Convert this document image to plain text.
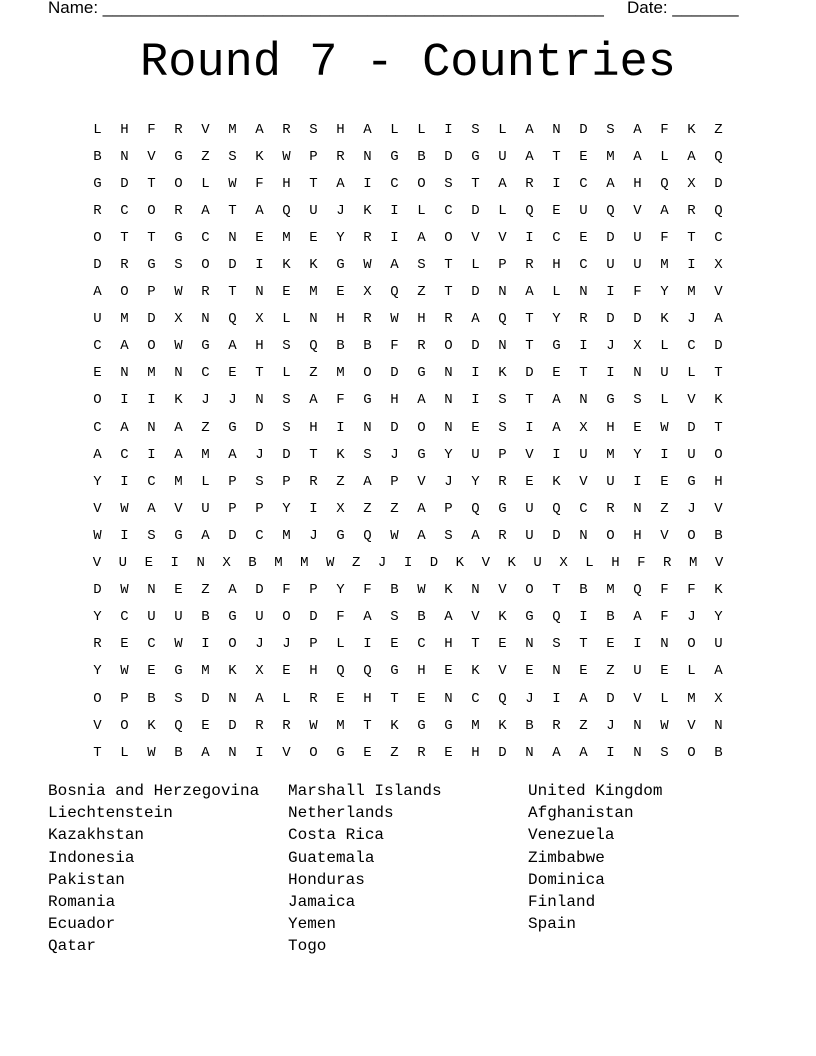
Name: _____________________________________________________ Date: _______
Round 7 - Countries
L	H	F	R	V	M	A	R	S	H	A	L	L	I	S	L	A	N	D	S	A	F	K	Z
B	N	V	G	Z	S	K	W	P	R	N	G	B	D	G	U	A	T	E	M	A	L	A	Q
G	D	T	O	L	W	F	H	T	A	I	C	O	S	T	A	R	I	C	A	H	Q	X	D
R	C	O	R	A	T	A	Q	U	J	K	I	L	C	D	L	Q	E	U	Q	V	A	R	Q
O	T	T	G	C	N	E	M	E	Y	R	I	A	O	V	V	I	C	E	D	U	F	T	C
D	R	G	S	O	D	I	K	K	G	W	A	S	T	L	P	R	H	C	U	U	M	I	X
A	O	P	W	R	T	N	E	M	E	X	Q	Z	T	D	N	A	L	N	I	F	Y	M	V
U	M	D	X	N	Q	X	L	N	H	R	W	H	R	A	Q	T	Y	R	D	D	K	J	A
C	A	O	W	G	A	H	S	Q	B	B	F	R	O	D	N	T	G	I	J	X	L	C	D
E	N	M	N	C	E	T	L	Z	M	O	D	G	N	I	K	D	E	T	I	N	U	L	T
O	I	I	K	J	J	N	S	A	F	G	H	A	N	I	S	T	A	N	G	S	L	V	K
C	A	N	A	Z	G	D	S	H	I	N	D	O	N	E	S	I	A	X	H	E	W	D	T
A	C	I	A	M	A	J	D	T	K	S	J	G	Y	U	P	V	I	U	M	Y	I	U	O
Y	I	C	M	L	P	S	P	R	Z	A	P	V	J	Y	R	E	K	V	U	I	E	G	H
V	W	A	V	U	P	P	Y	I	X	Z	Z	A	P	Q	G	U	Q	C	R	N	Z	J	V
W	I	S	G	A	D	C	M	J	G	Q	W	A	S	A	R	U	D	N	O	H	V	O	B
V	U	E	I	N	X	B	M	M	W	Z	J	I	D	K	V	K	U	X	L	H	F	R	M	V
D	W	N	E	Z	A	D	F	P	Y	F	B	W	K	N	V	O	T	B	M	Q	F	F	K
Y	C	U	U	B	G	U	O	D	F	A	S	B	A	V	K	G	Q	I	B	A	F	J	Y
R	E	C	W	I	O	J	J	P	L	I	E	C	H	T	E	N	S	T	E	I	N	O	U
Y	W	E	G	M	K	X	E	H	Q	Q	G	H	E	K	V	E	N	E	Z	U	E	L	A
O	P	B	S	D	N	A	L	R	E	H	T	E	N	C	Q	J	I	A	D	V	L	M	X
V	O	K	Q	E	D	R	R	W	M	T	K	G	G	M	K	B	R	Z	J	N	W	V	N
T	L	W	B	A	N	I	V	O	G	E	Z	R	E	H	D	N	A	A	I	N	S	O	B
Bosnia and Herzegovina
Liechtenstein
Kazakhstan
Indonesia
Pakistan
Romania
Ecuador
Qatar
Marshall Islands
Netherlands
Costa Rica
Guatemala
Honduras
Jamaica
Yemen
Togo
United Kingdom
Afghanistan
Venezuela
Zimbabwe
Dominica
Finland
Spain
